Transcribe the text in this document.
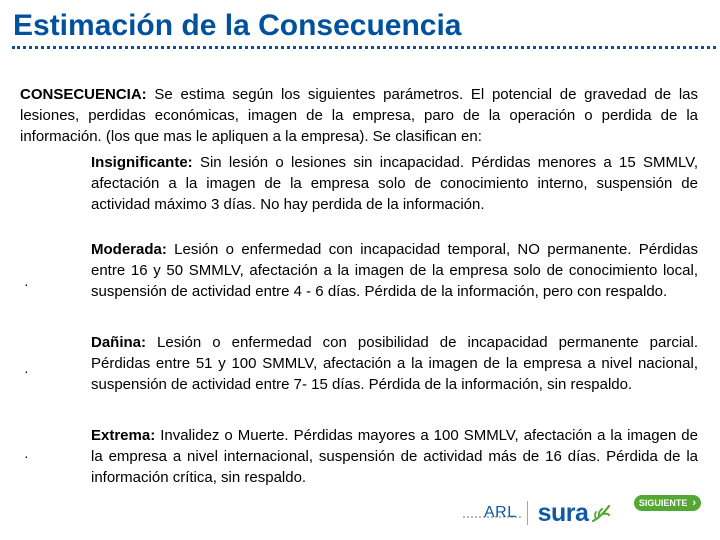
Estimación de la Consecuencia

CONSECUENCIA: Se estima según los siguientes parámetros. El potencial de gravedad de las lesiones, perdidas económicas, imagen de la empresa, paro de la operación o perdida de la información. (los que mas le apliquen a la empresa). Se clasifican en:

Insignificante: Sin lesión o lesiones sin incapacidad. Pérdidas menores a 15 SMMLV, afectación a la imagen de la empresa solo de conocimiento interno, suspensión de actividad máximo 3 días. No hay perdida de la información.

·

Moderada: Lesión o enfermedad con incapacidad temporal, NO permanente. Pérdidas entre 16 y 50 SMMLV, afectación a la imagen de la empresa solo de conocimiento local, suspensión de actividad entre 4 - 6 días. Pérdida de la información, pero con respaldo.

·

Dañina: Lesión o enfermedad con posibilidad de incapacidad permanente parcial. Pérdidas entre 51 y 100 SMMLV, afectación a la imagen de la empresa a nivel nacional, suspensión de actividad entre 7- 15 días. Pérdida de la información, sin respaldo.

·

Extrema: Invalidez o Muerte. Pérdidas mayores a 100 SMMLV, afectación a la imagen de la empresa a nivel internacional, suspensión de actividad más de 16 días. Pérdida de la información crítica, sin respaldo.

ARL sura	SIGUIENTE ›
